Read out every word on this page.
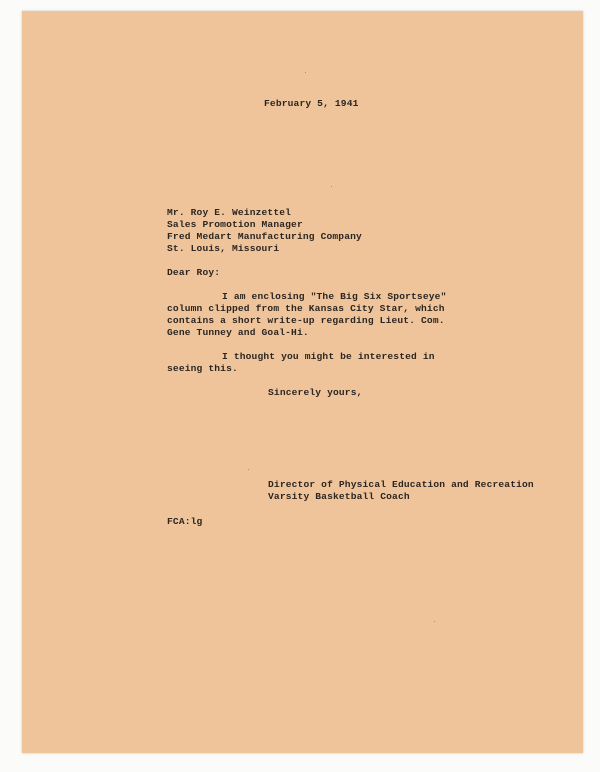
February 5, 1941
Mr. Roy E. Weinzettel
Sales Promotion Manager
Fred Medart Manufacturing Company
St. Louis, Missouri
Dear Roy:
I am enclosing "The Big Six Sportseye"
column clipped from the Kansas City Star, which
contains a short write-up regarding Lieut. Com.
Gene Tunney and Goal-Hi.
I thought you might be interested in
seeing this.
Sincerely yours,
Director of Physical Education and Recreation
Varsity Basketball Coach
FCA:lg
